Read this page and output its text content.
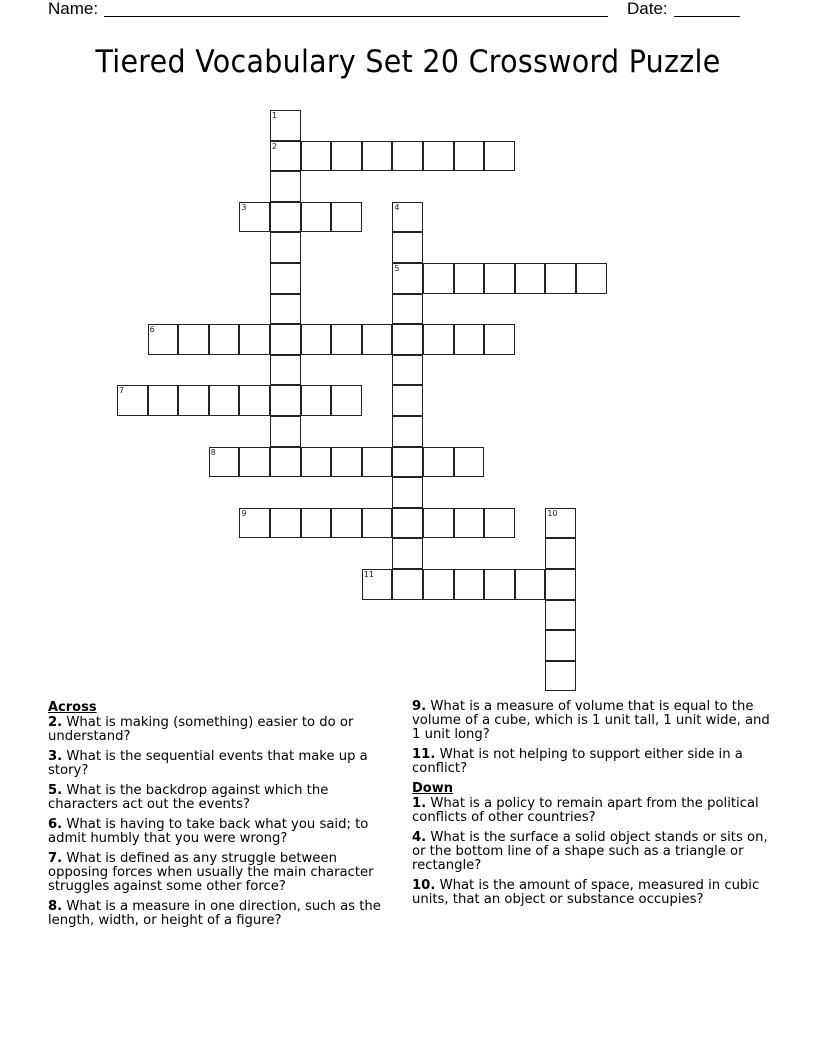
Name:	Date:
Tiered Vocabulary Set 20 Crossword Puzzle
1
2
3	4
5
6
7
8
9	10
11
Across
2. What is making (something) easier to do or understand?
3. What is the sequential events that make up a story?
5. What is the backdrop against which the characters act out the events?
6. What is having to take back what you said; to admit humbly that you were wrong?
7. What is defined as any struggle between opposing forces when usually the main character struggles against some other force?
8. What is a measure in one direction, such as the length, width, or height of a figure?
9. What is a measure of volume that is equal to the volume of a cube, which is 1 unit tall, 1 unit wide, and 1 unit long?
11. What is not helping to support either side in a conflict?
Down
1. What is a policy to remain apart from the political conflicts of other countries?
4. What is the surface a solid object stands or sits on, or the bottom line of a shape such as a triangle or rectangle?
10. What is the amount of space, measured in cubic units, that an object or substance occupies?
